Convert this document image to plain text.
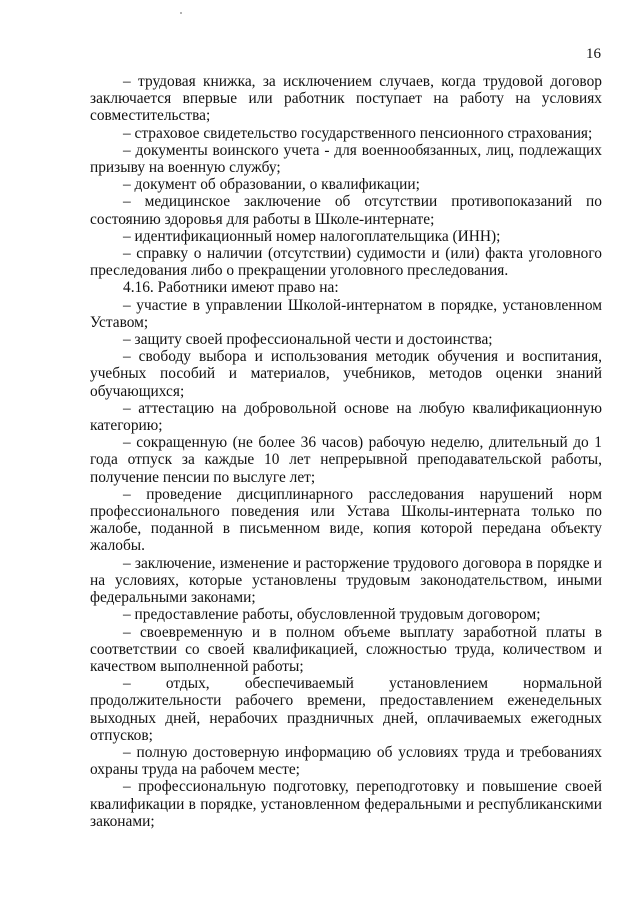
16

– трудовая книжка, за исключением случаев, когда трудовой договор заключается впервые или работник поступает на работу на условиях совместительства;

– страховое свидетельство государственного пенсионного страхования;

– документы воинского учета - для военнообязанных, лиц, подлежащих призыву на военную службу;

– документ об образовании, о квалификации;

– медицинское заключение об отсутствии противопоказаний по состоянию здоровья для работы в Школе-интернате;

– идентификационный номер налогоплательщика (ИНН);

– справку о наличии (отсутствии) судимости и (или) факта уголовного преследования либо о прекращении уголовного преследования.

4.16. Работники имеют право на:

– участие в управлении Школой-интернатом в порядке, установленном Уставом;

– защиту своей профессиональной чести и достоинства;

– свободу выбора и использования методик обучения и воспитания, учебных пособий и материалов, учебников, методов оценки знаний обучающихся;

– аттестацию на добровольной основе на любую квалификационную категорию;

– сокращенную (не более 36 часов) рабочую неделю, длительный до 1 года отпуск за каждые 10 лет непрерывной преподавательской работы, получение пенсии по выслуге лет;

– проведение дисциплинарного расследования нарушений норм профессионального поведения или Устава Школы-интерната только по жалобе, поданной в письменном виде, копия которой передана объекту жалобы.

– заключение, изменение и расторжение трудового договора в порядке и на условиях, которые установлены трудовым законодательством, иными федеральными законами;

– предоставление работы, обусловленной трудовым договором;

– своевременную и в полном объеме выплату заработной платы в соответствии со своей квалификацией, сложностью труда, количеством и качеством выполненной работы;

– отдых, обеспечиваемый установлением нормальной продолжительности рабочего времени, предоставлением еженедельных выходных дней, нерабочих праздничных дней, оплачиваемых ежегодных отпусков;

– полную достоверную информацию об условиях труда и требованиях охраны труда на рабочем месте;

– профессиональную подготовку, переподготовку и повышение своей квалификации в порядке, установленном федеральными и республиканскими законами;
